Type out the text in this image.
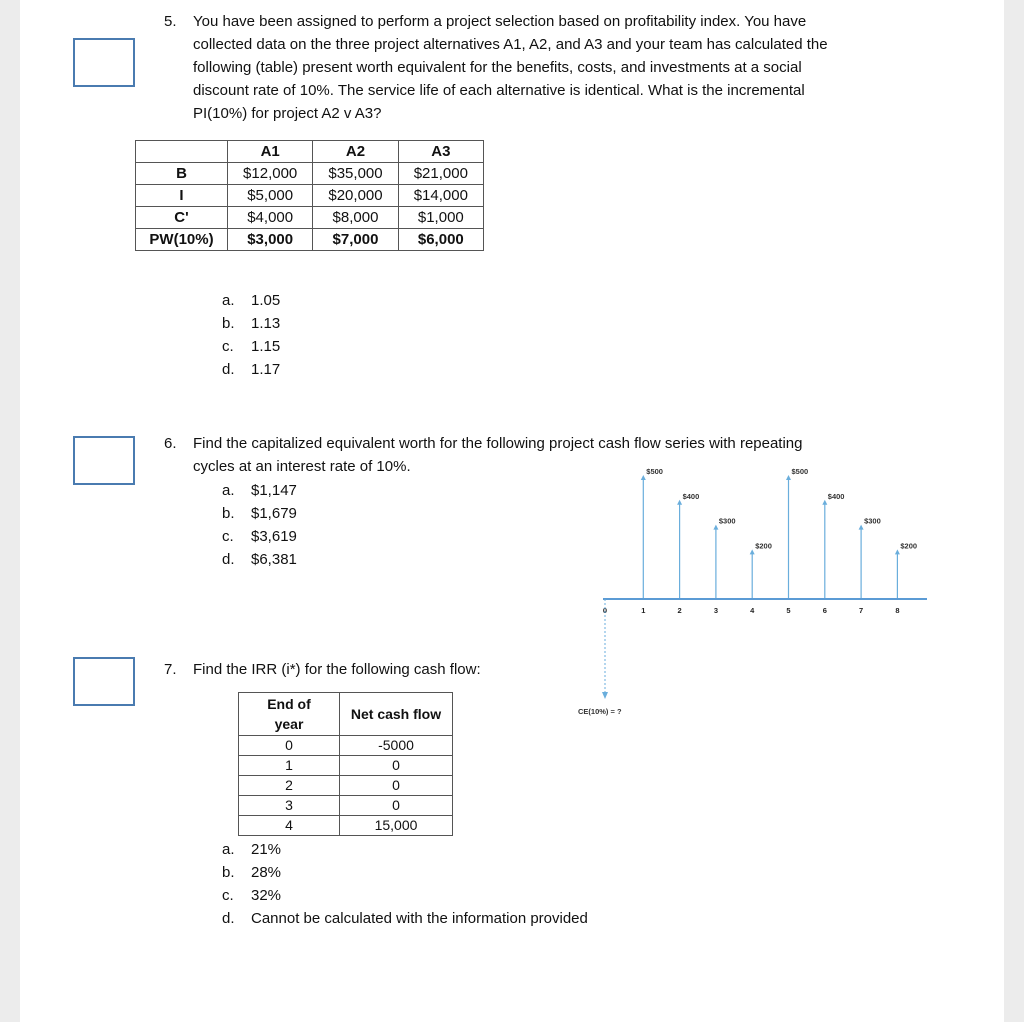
5. You have been assigned to perform a project selection based on profitability index. You have
collected data on the three project alternatives A1, A2, and A3 and your team has calculated the
following (table) present worth equivalent for the benefits, costs, and investments at a social
discount rate of 10%. The service life of each alternative is identical. What is the incremental
PI(10%) for project A2 v A3?
	A1	A2	A3
B	$12,000	$35,000	$21,000
I	$5,000	$20,000	$14,000
C'	$4,000	$8,000	$1,000
PW(10%)	$3,000	$7,000	$6,000
a.	1.05
b.	1.13
c.	1.15
d.	1.17
6. Find the capitalized equivalent worth for the following project cash flow series with repeating
cycles at an interest rate of 10%.
a.	$1,147
b.	$1,679
c.	$3,619
d.	$6,381
$500
$400
$300
$200
$500
$400
$300
$200
0	1	2	3	4	5	6	7	8
CE(10%) = ?
7. Find the IRR (i*) for the following cash flow:
End of
year	Net cash flow
0	-5000
1	0
2	0
3	0
4	15,000
a.	21%
b.	28%
c.	32%
d.	Cannot be calculated with the information provided
